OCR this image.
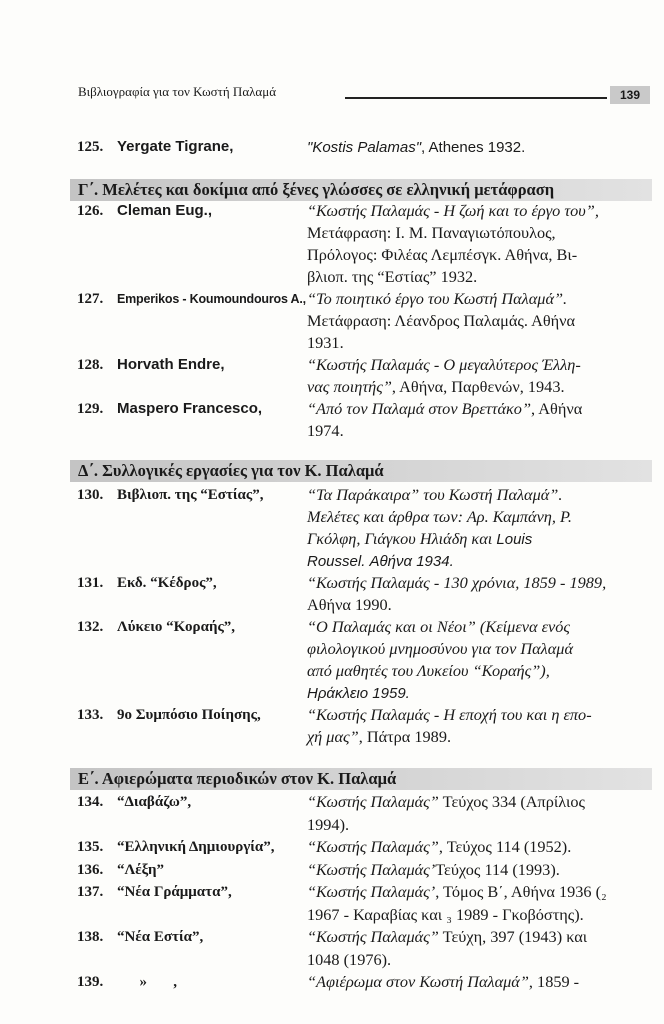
Βιβλιογραφία για τον Κωστή Παλαμά	139
125. Yergate Tigrane,	"Kostis Palamas", Athenes 1932.
Γ΄. Μελέτες και δοκίμια από ξένες γλώσσες σε ελληνική μετάφραση
126. Cleman Eug.,	“Κωστής Παλαμάς - Η ζωή και το έργο του”,
Μετάφραση: Ι. Μ. Παναγιωτόπουλος,
Πρόλογος: Φιλέας Λεμπέσγκ. Αθήνα, Βι-
βλιοπ. της “Εστίας” 1932.
127. Emperikos - Koumoundouros A., “Το ποιητικό έργο του Κωστή Παλαμά”.
Μετάφραση: Λέανδρος Παλαμάς. Αθήνα
1931.
128. Horvath Endre,	“Κωστής Παλαμάς - Ο μεγαλύτερος Έλλη-
νας ποιητής”, Αθήνα, Παρθενών, 1943.
129. Maspero Francesco,	“Από τον Παλαμά στον Βρεττάκο”, Αθήνα
1974.
Δ΄. Συλλογικές εργασίες για τον Κ. Παλαμά
130. Βιβλιοπ. της “Εστίας”,	“Τα Παράκαιρα” του Κωστή Παλαμά”.
Μελέτες και άρθρα των: Αρ. Καμπάνη, Ρ.
Γκόλφη, Γιάγκου Ηλιάδη και Louis
Roussel. Αθήνα 1934.
131. Εκδ. “Κέδρος”,	“Κωστής Παλαμάς - 130 χρόνια, 1859 - 1989,
Αθήνα 1990.
132. Λύκειο “Κοραής”,	“Ο Παλαμάς και οι Νέοι” (Κείμενα ενός
φιλολογικού μνημοσύνου για τον Παλαμά
από μαθητές του Λυκείου “Κοραής”),
Ηράκλειο 1959.
133. 9ο Συμπόσιο Ποίησης,	“Κωστής Παλαμάς - Η εποχή του και η επο-
χή μας”, Πάτρα 1989.
Ε΄. Αφιερώματα περιοδικών στον Κ. Παλαμά
134. “Διαβάζω”,	“Κωστής Παλαμάς” Τεύχος 334 (Απρίλιος
1994).
135. “Ελληνική Δημιουργία”, “Κωστής Παλαμάς”, Τεύχος 114 (1952).
136. “Λέξη”	“Κωστής Παλαμάς’Τεύχος 114 (1993).
137. “Νέα Γράμματα”,	“Κωστής Παλαμάς’, Τόμος Β΄, Αθήνα 1936 (₂
1967 - Καραβίας και ₃ 1989 - Γκοβόστης).
138. “Νέα Εστία”,	“Κωστής Παλαμάς” Τεύχη, 397 (1943) και
1048 (1976).
139. »       ,	“Αφιέρωμα στον Κωστή Παλαμά”, 1859 -
